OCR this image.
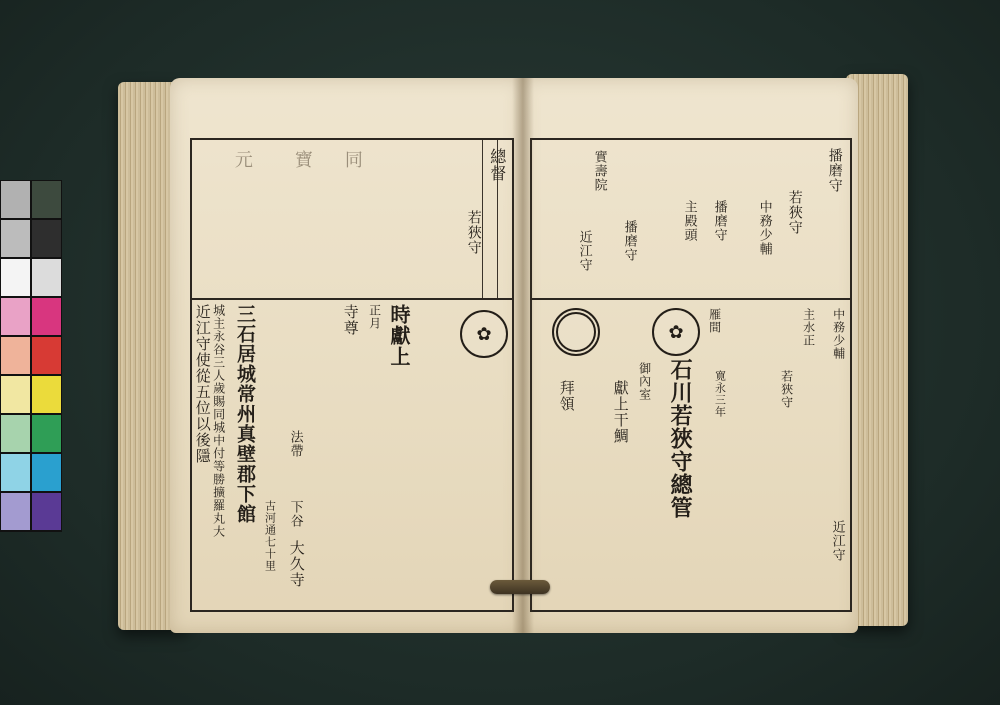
總督
若狹守
同
寶
元
近江守使從五位以後隱 城主永谷三人歲賜同城中付等勝擴羅丸大 三石居城常州真壁郡下館
古河通七十里
法帶
下谷
大久寺
寺尊 正月 時獻上	✿
播磨守
若狹守
中務少輔
播磨守
主殿頭
播磨守
近江守
實壽院
近江守
主水正
若狹守
中務少輔
寛永三年
雁間
石川若狹守總管
御內室
獻上干鯛
拜領
✿
